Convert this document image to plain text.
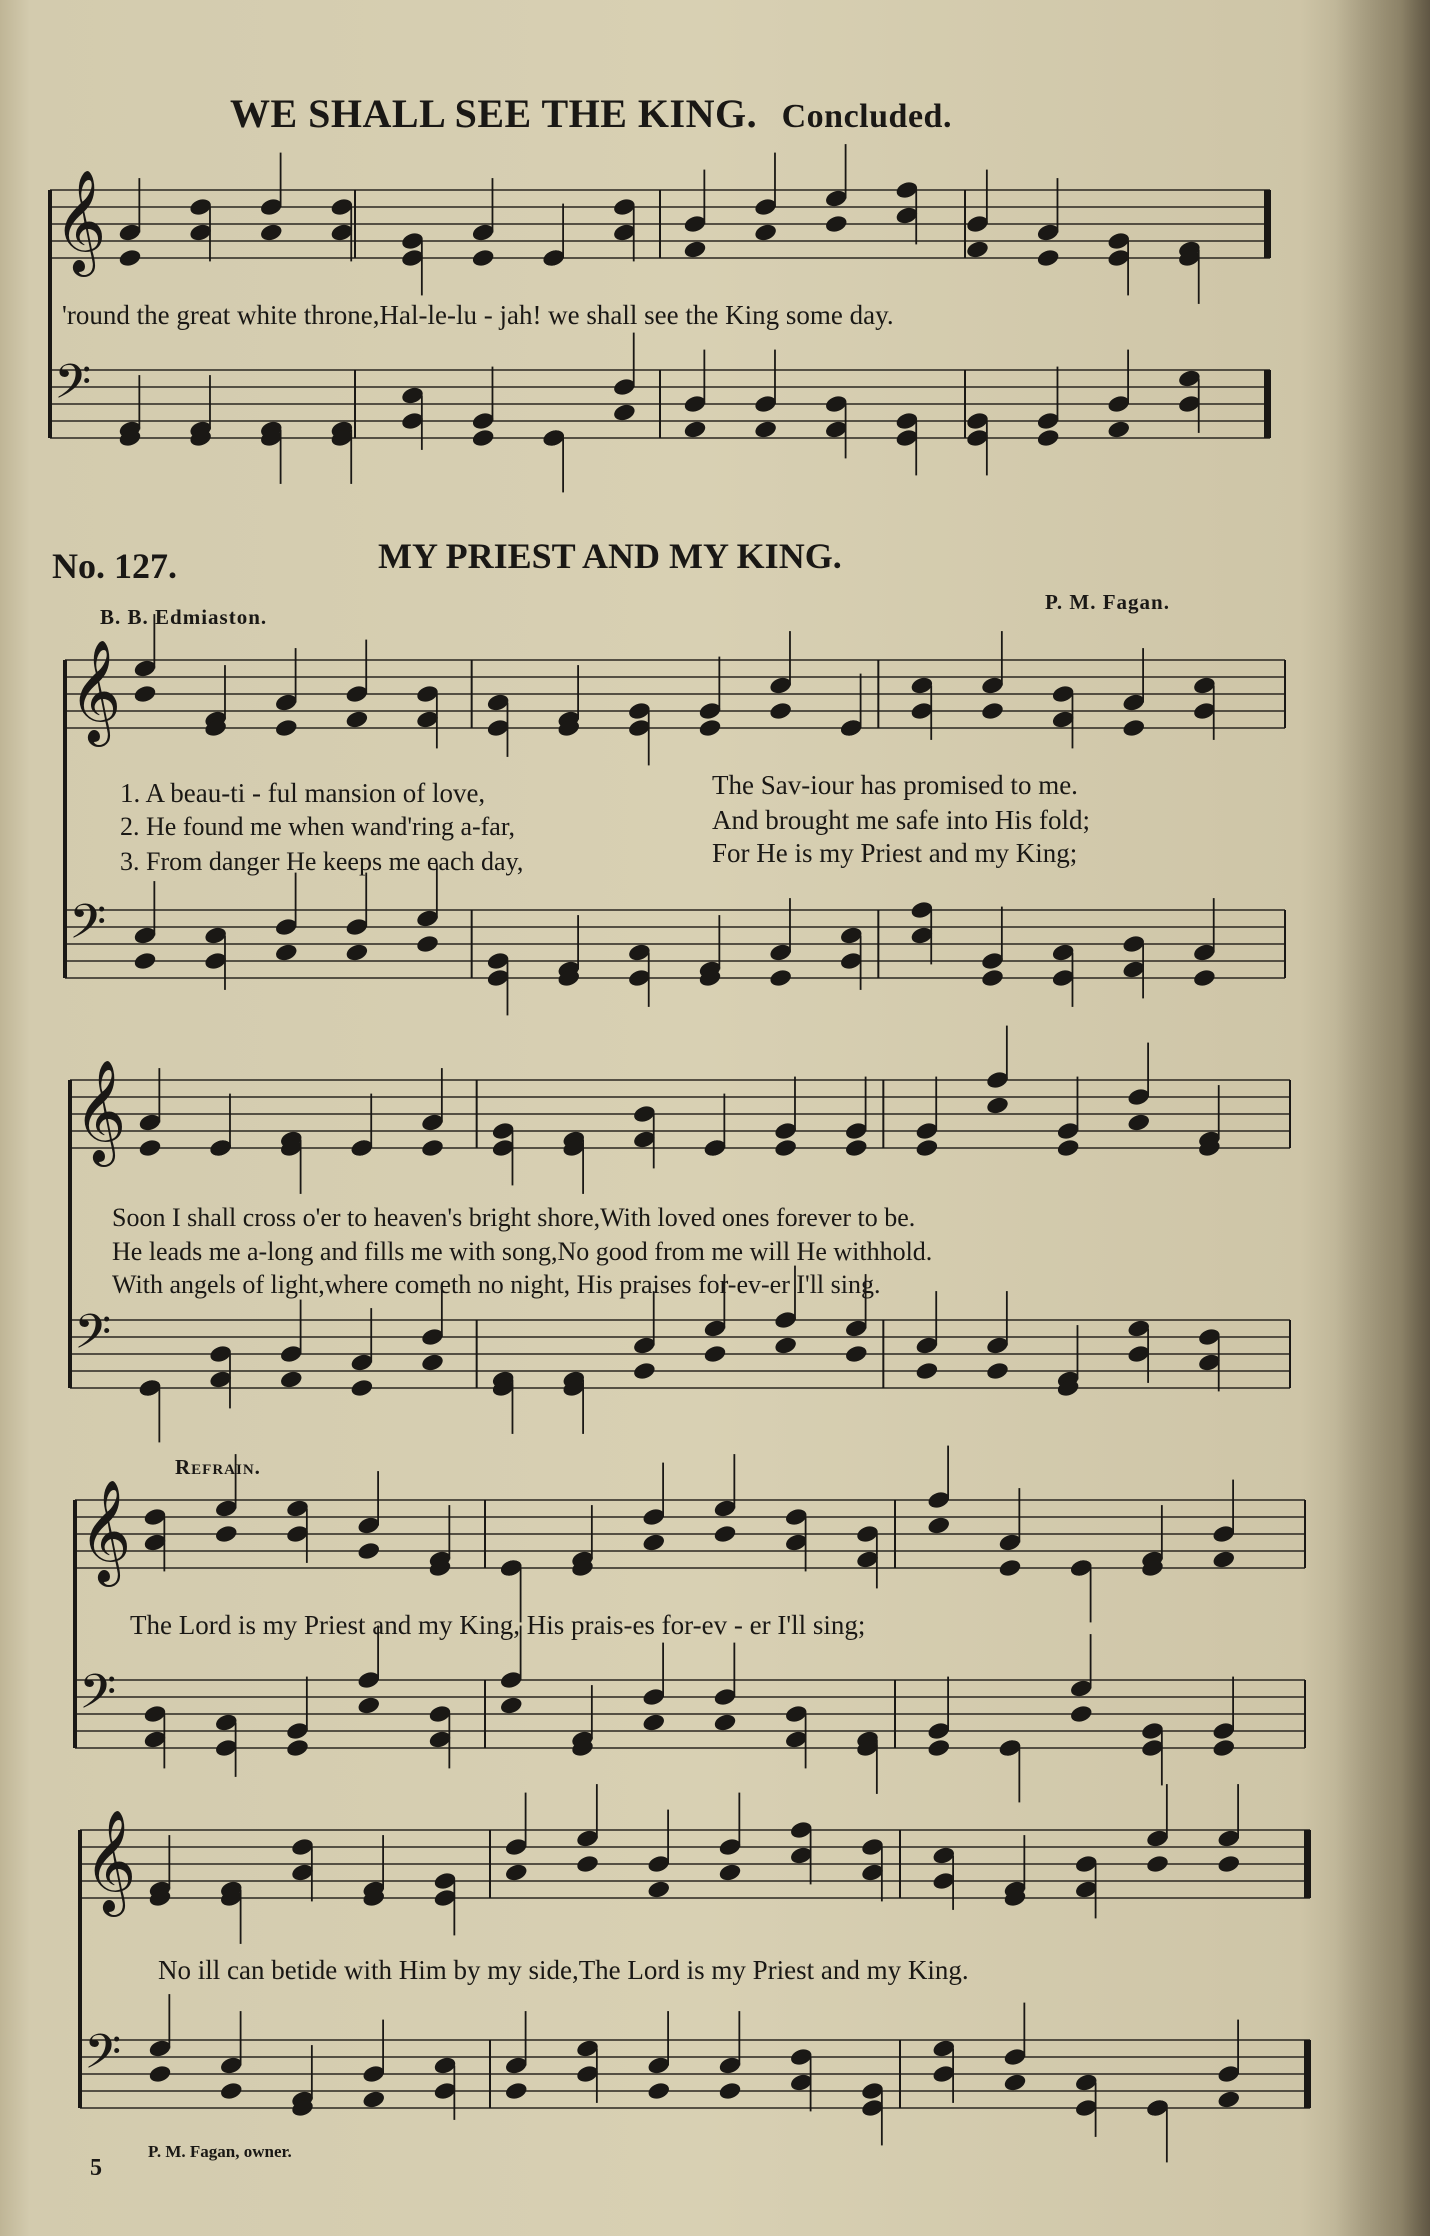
WE SHALL SEE THE KING. Concluded.
𝄞
𝄢
'round the great white throne,Hal-le-lu - jah! we shall see the King some day.
No. 127.	MY PRIEST AND MY KING.
B. B. Edmiaston.
P. M. Fagan.
𝄞
𝄢
1. A beau-ti - ful mansion of love,	The Sav-iour has promised to me.
2. He found me when wand'ring a-far,	And brought me safe into His fold;
3. From danger He keeps me each day,	For He is my Priest and my King;
𝄞
𝄢
Soon I shall cross o'er to heaven's bright shore,With loved ones forever to be.
He leads me a-long and fills me with song,No good from me will He withhold.
With angels of light,where cometh no night, His praises for-ev-er I'll sing.
Refrain.
𝄞
𝄢
The Lord is my Priest and my King, His prais-es for-ev - er I'll sing;
𝄞
𝄢
No ill can betide with Him by my side,The Lord is my Priest and my King.
5
P. M. Fagan, owner.
